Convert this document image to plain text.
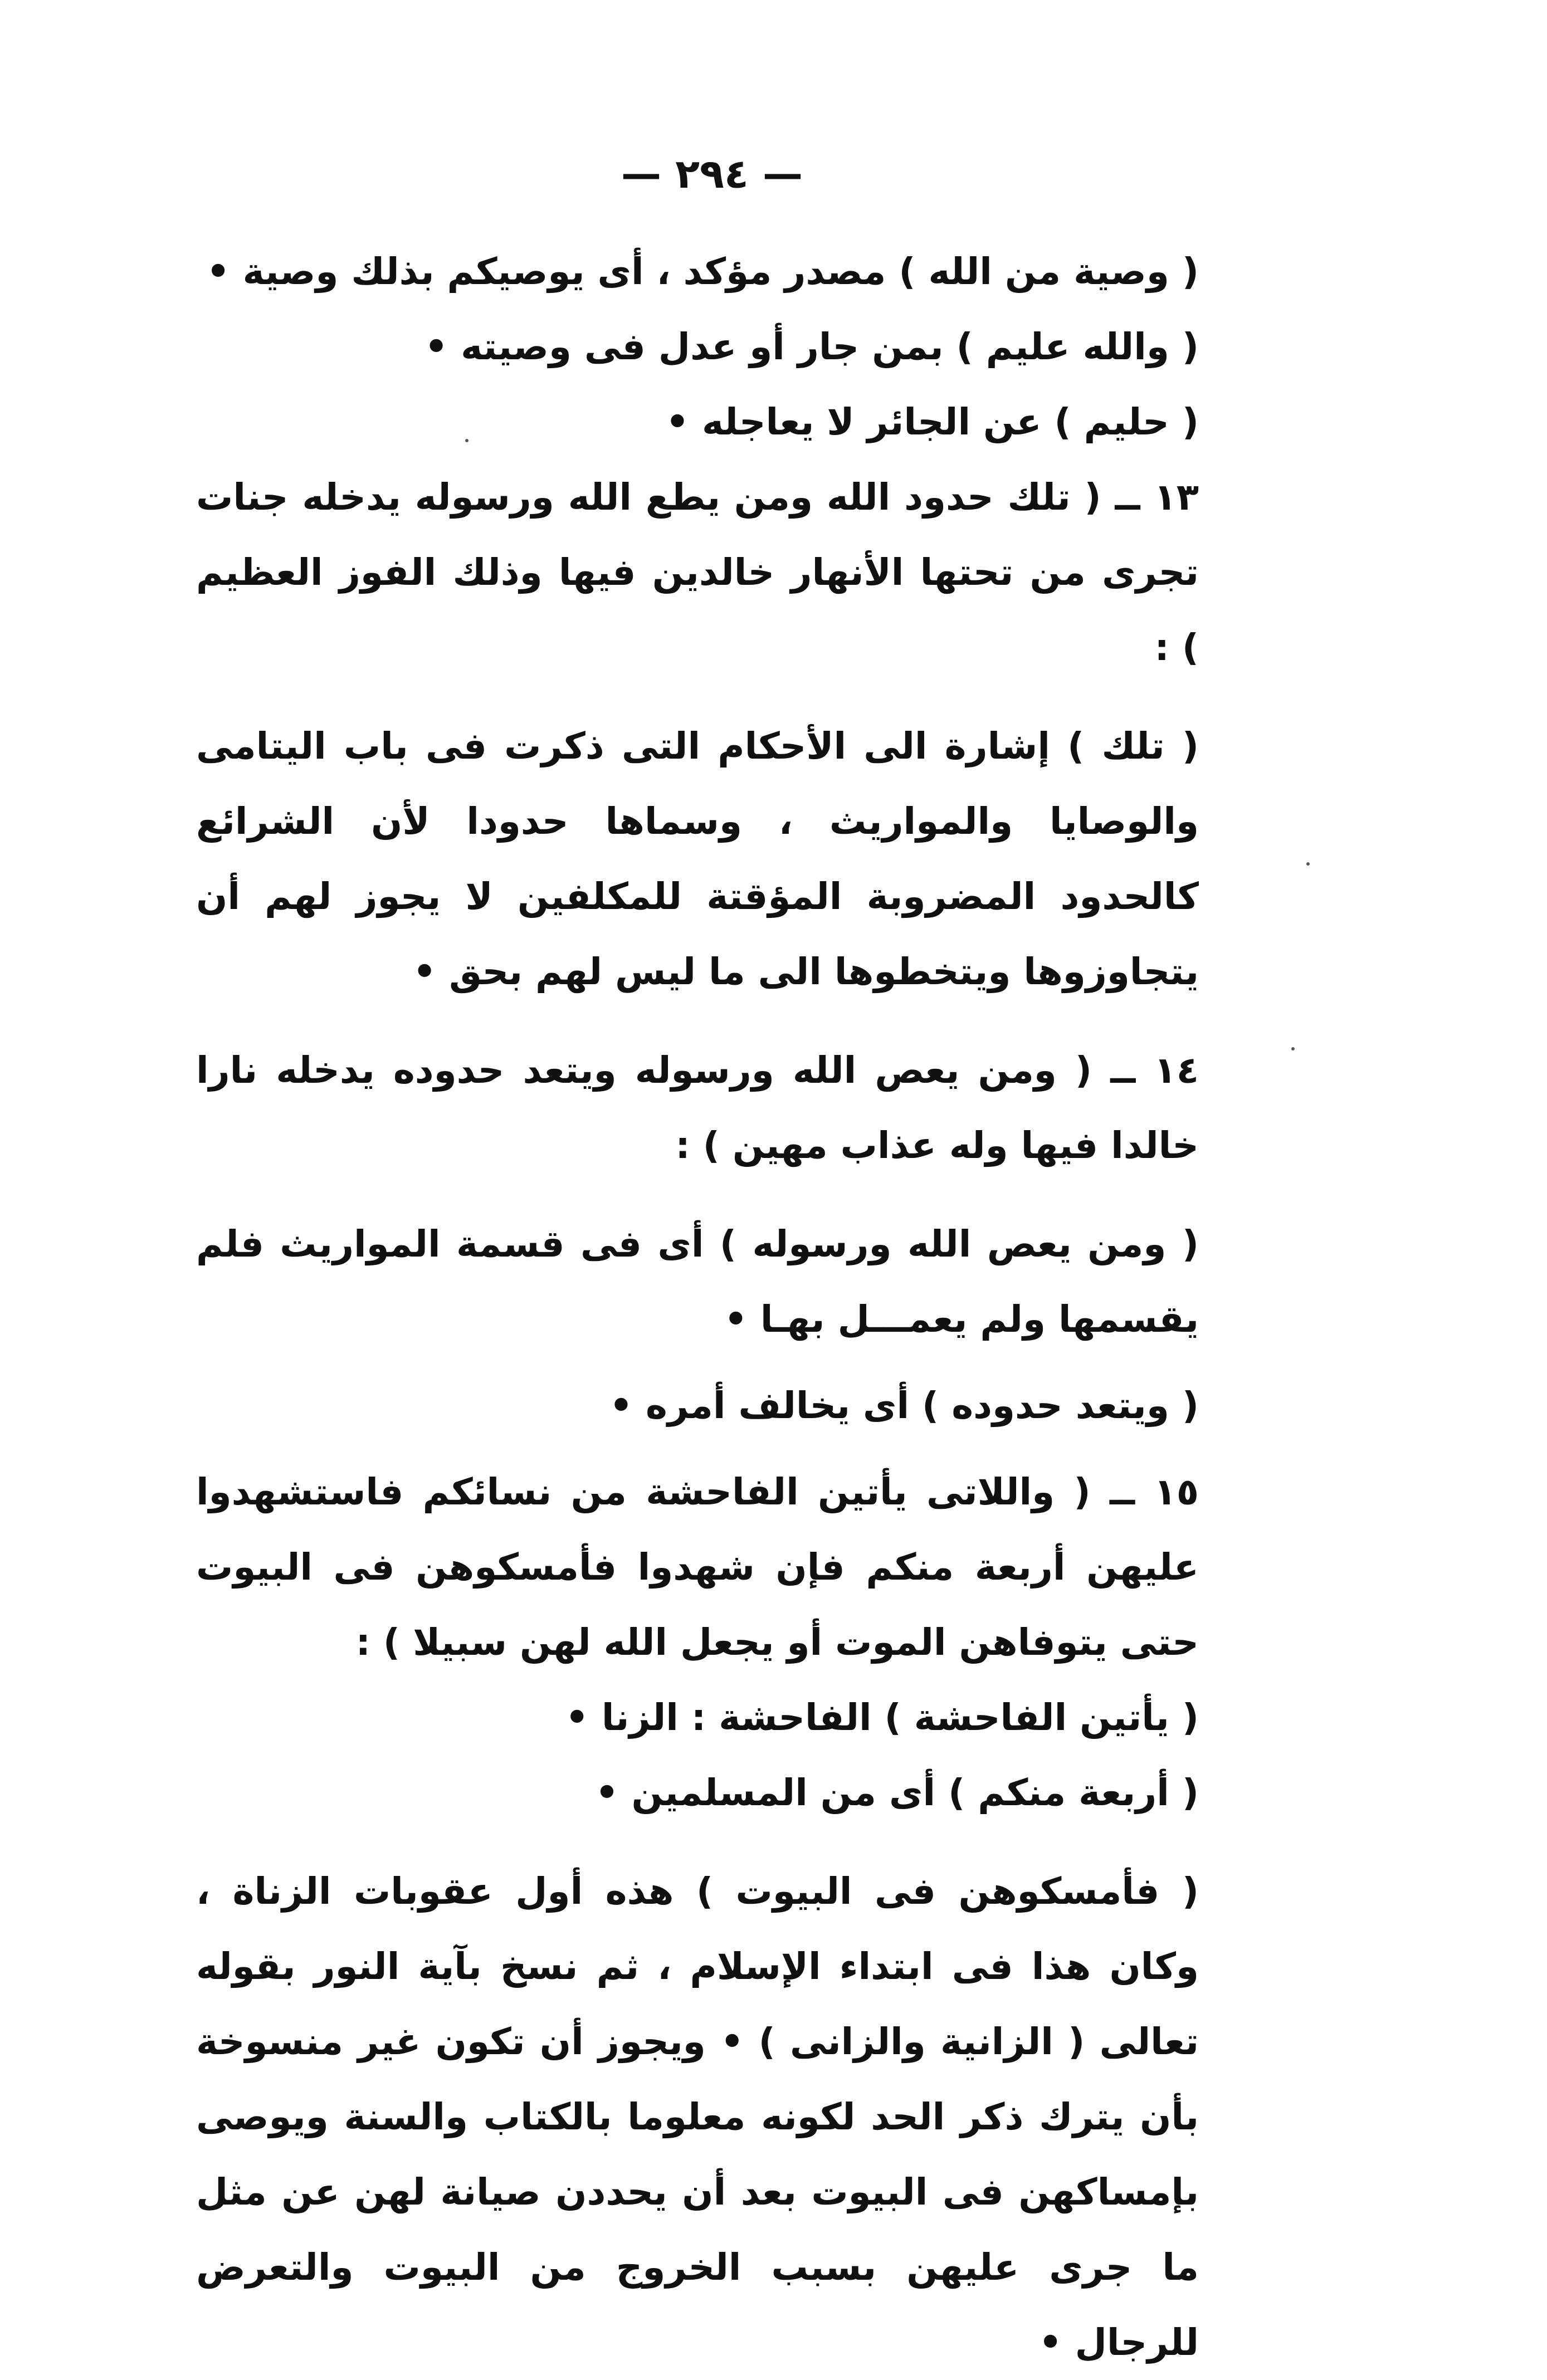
— ٢٩٤ —

( وصية من الله ) مصدر مؤكد ، أى يوصيكم بذلك وصية •

( والله عليم ) بمن جار أو عدل فى وصيته •

( حليم ) عن الجائر لا يعاجله •

١٣ ــ ( تلك حدود الله ومن يطع الله ورسوله يدخله جنات تجرى من تحتها الأنهار خالدين فيها وذلك الفوز العظيم ) :

( تلك ) إشارة الى الأحكام التى ذكرت فى باب اليتامى والوصايا والمواريث ، وسماها حدودا لأن الشرائع كالحدود المضروبة المؤقتة للمكلفين لا يجوز لهم أن يتجاوزوها ويتخطوها الى ما ليس لهم بحق •

١٤ ــ ( ومن يعص الله ورسوله ويتعد حدوده يدخله نارا خالدا فيها وله عذاب مهين ) :

( ومن يعص الله ورسوله ) أى فى قسمة المواريث فلم يقسمها ولم يعمـــل بهـا •

( ويتعد حدوده ) أى يخالف أمره •

١٥ ــ ( واللاتى يأتين الفاحشة من نسائكم فاستشهدوا عليهن أربعة منكم فإن شهدوا فأمسكوهن فى البيوت حتى يتوفاهن الموت أو يجعل الله لهن سبيلا ) :

( يأتين الفاحشة ) الفاحشة : الزنا •

( أربعة منكم ) أى من المسلمين •

( فأمسكوهن فى البيوت ) هذه أول عقوبات الزناة ، وكان هذا فى ابتداء الإسلام ، ثم نسخ بآية النور بقوله تعالى ( الزانية والزانى ) • ويجوز أن تكون غير منسوخة بأن يترك ذكر الحد لكونه معلوما بالكتاب والسنة ويوصى بإمساكهن فى البيوت بعد أن يحددن صيانة لهن عن مثل ما جرى عليهن بسبب الخروج من البيوت والتعرض للرجال •
